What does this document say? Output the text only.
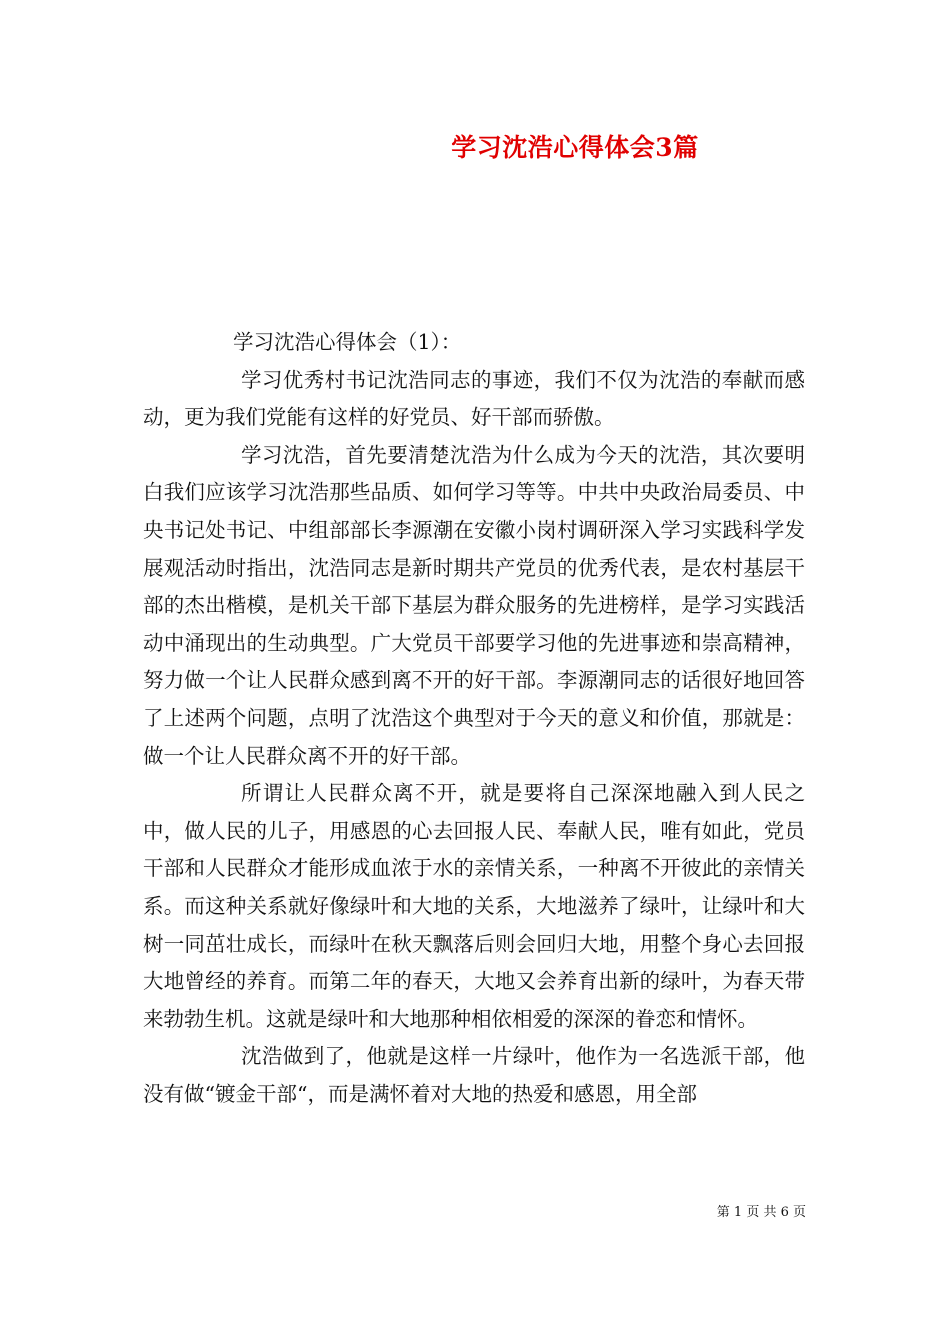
学习沈浩心得体会3篇

学习沈浩心得体会（1）：

学习优秀村书记沈浩同志的事迹，我们不仅为沈浩的奉献而感动，更为我们党能有这样的好党员、好干部而骄傲。

学习沈浩，首先要清楚沈浩为什么成为今天的沈浩，其次要明白我们应该学习沈浩那些品质、如何学习等等。中共中央政治局委员、中央书记处书记、中组部部长李源潮在安徽小岗村调研深入学习实践科学发展观活动时指出，沈浩同志是新时期共产党员的优秀代表，是农村基层干部的杰出楷模，是机关干部下基层为群众服务的先进榜样，是学习实践活动中涌现出的生动典型。广大党员干部要学习他的先进事迹和崇高精神，努力做一个让人民群众感到离不开的好干部。李源潮同志的话很好地回答了上述两个问题，点明了沈浩这个典型对于今天的意义和价值，那就是：做一个让人民群众离不开的好干部。

所谓让人民群众离不开，就是要将自己深深地融入到人民之中，做人民的儿子，用感恩的心去回报人民、奉献人民，唯有如此，党员干部和人民群众才能形成血浓于水的亲情关系，一种离不开彼此的亲情关系。而这种关系就好像绿叶和大地的关系，大地滋养了绿叶，让绿叶和大树一同茁壮成长，而绿叶在秋天飘落后则会回归大地，用整个身心去回报大地曾经的养育。而第二年的春天，大地又会养育出新的绿叶，为春天带来勃勃生机。这就是绿叶和大地那种相依相爱的深深的眷恋和情怀。

沈浩做到了，他就是这样一片绿叶，他作为一名选派干部，他没有做“镀金干部“，而是满怀着对大地的热爱和感恩，用全部

第 1 页 共 6 页
